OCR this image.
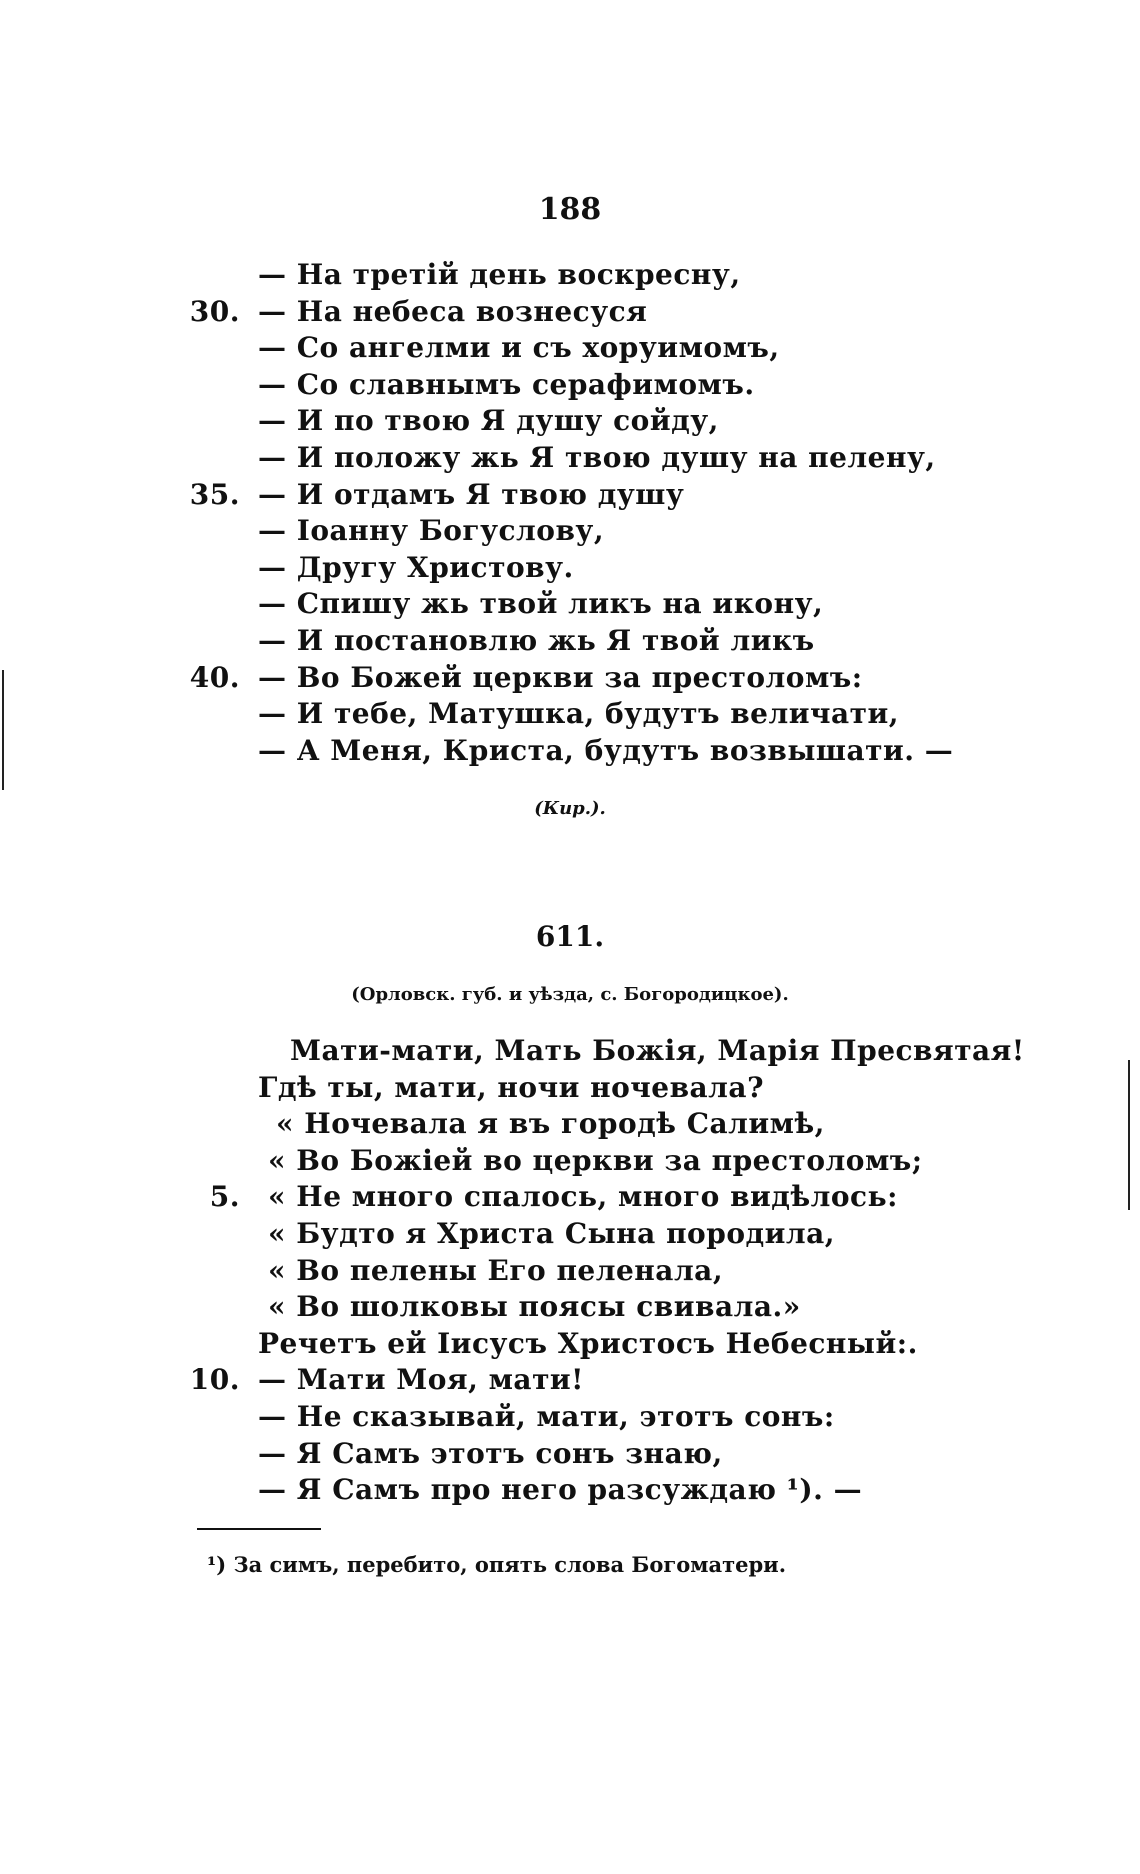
188
— На третій день воскресну,
30. — На небеса вознесуся
— Со ангелми и съ хоруимомъ,
— Со славнымъ серафимомъ.
— И по твою Я душу сойду,
— И положу жь Я твою душу на пелену,
35. — И отдамъ Я твою душу
— Іоанну Богуслову,
— Другу Христову.
— Спишу жь твой ликъ на икону,
— И постановлю жь Я твой ликъ
40. — Во Божей церкви за престоломъ:
— И тебе, Матушка, будутъ величати,
— А Меня, Криста, будутъ возвышати. —
(Кир.).
611.
(Орловск. губ. и уѣзда, с. Богородицкое).
Мати-мати, Мать Божія, Марія Пресвятая!
Гдѣ ты, мати, ночи ночевала?
« Ночевала я въ городѣ Салимѣ,
« Во Божіей во церкви за престоломъ;
5. « Не много спалось, много видѣлось:
« Будто я Христа Сына породила,
« Во пелены Его пеленала,
« Во шолковы поясы свивала.»
Речетъ ей Іисусъ Христосъ Небесный:.
10. — Мати Моя, мати!
— Не сказывай, мати, этотъ сонъ:
— Я Самъ этотъ сонъ знаю,
— Я Самъ про него разсуждаю ¹). —
¹) За симъ, перебито, опять слова Богоматери.
